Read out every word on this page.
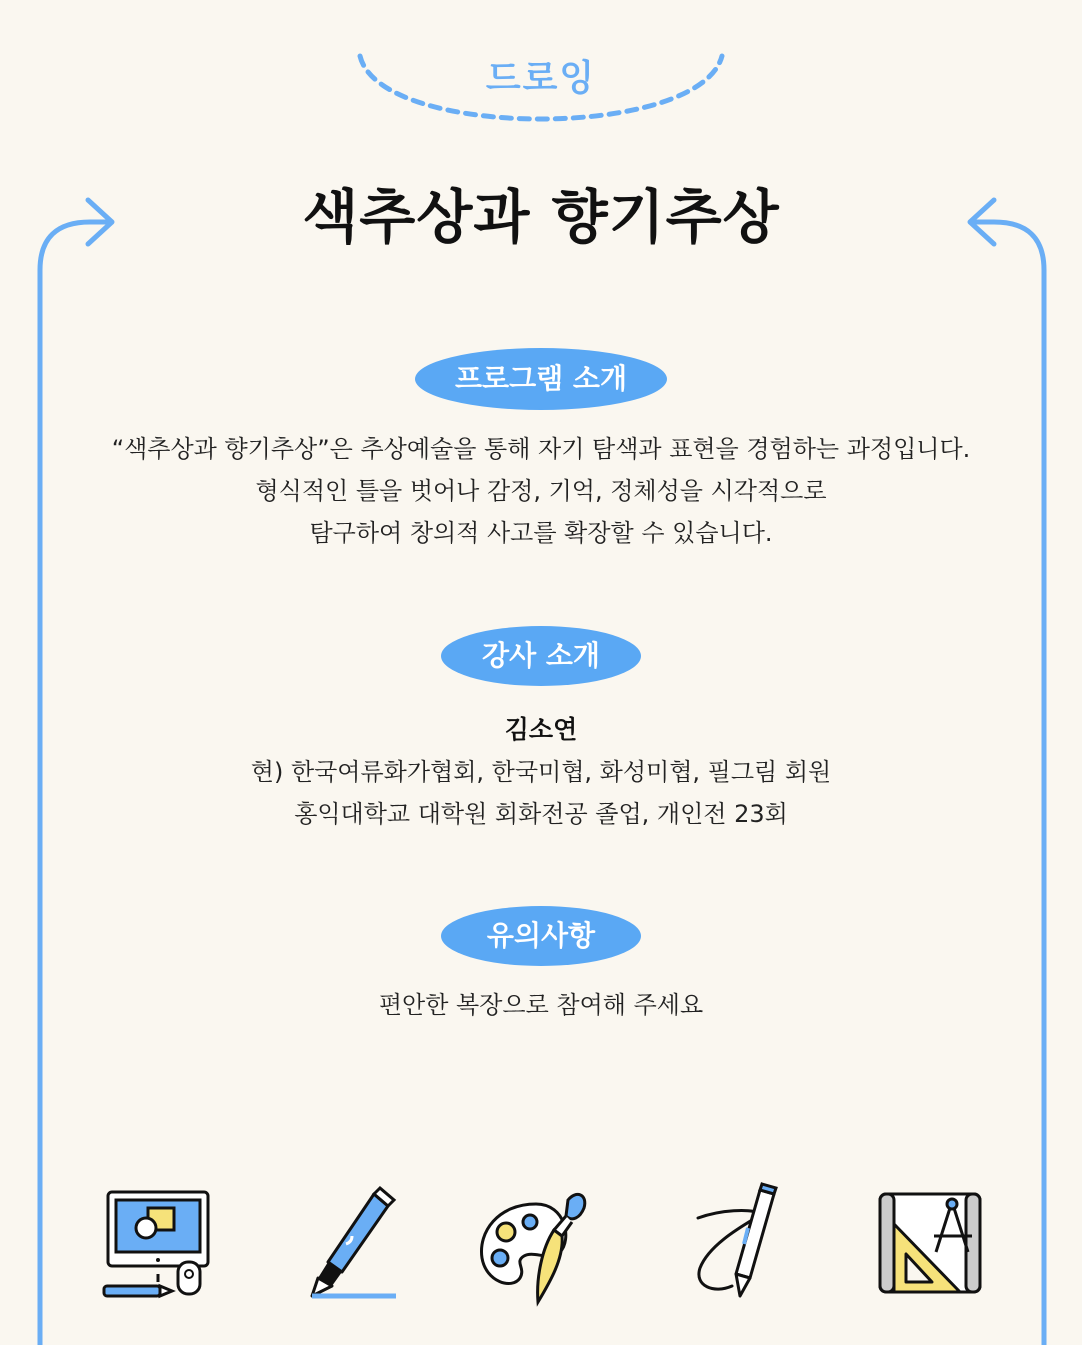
드로잉
색추상과 향기추상
프로그램 소개
“색추상과 향기추상”은 추상예술을 통해 자기 탐색과 표현을 경험하는 과정입니다.
형식적인 틀을 벗어나 감정, 기억, 정체성을 시각적으로
탐구하여 창의적 사고를 확장할 수 있습니다.
강사 소개
김소연
현) 한국여류화가협회, 한국미협, 화성미협, 필그림 회원
홍익대학교 대학원 회화전공 졸업, 개인전 23회
유의사항
편안한 복장으로 참여해 주세요
